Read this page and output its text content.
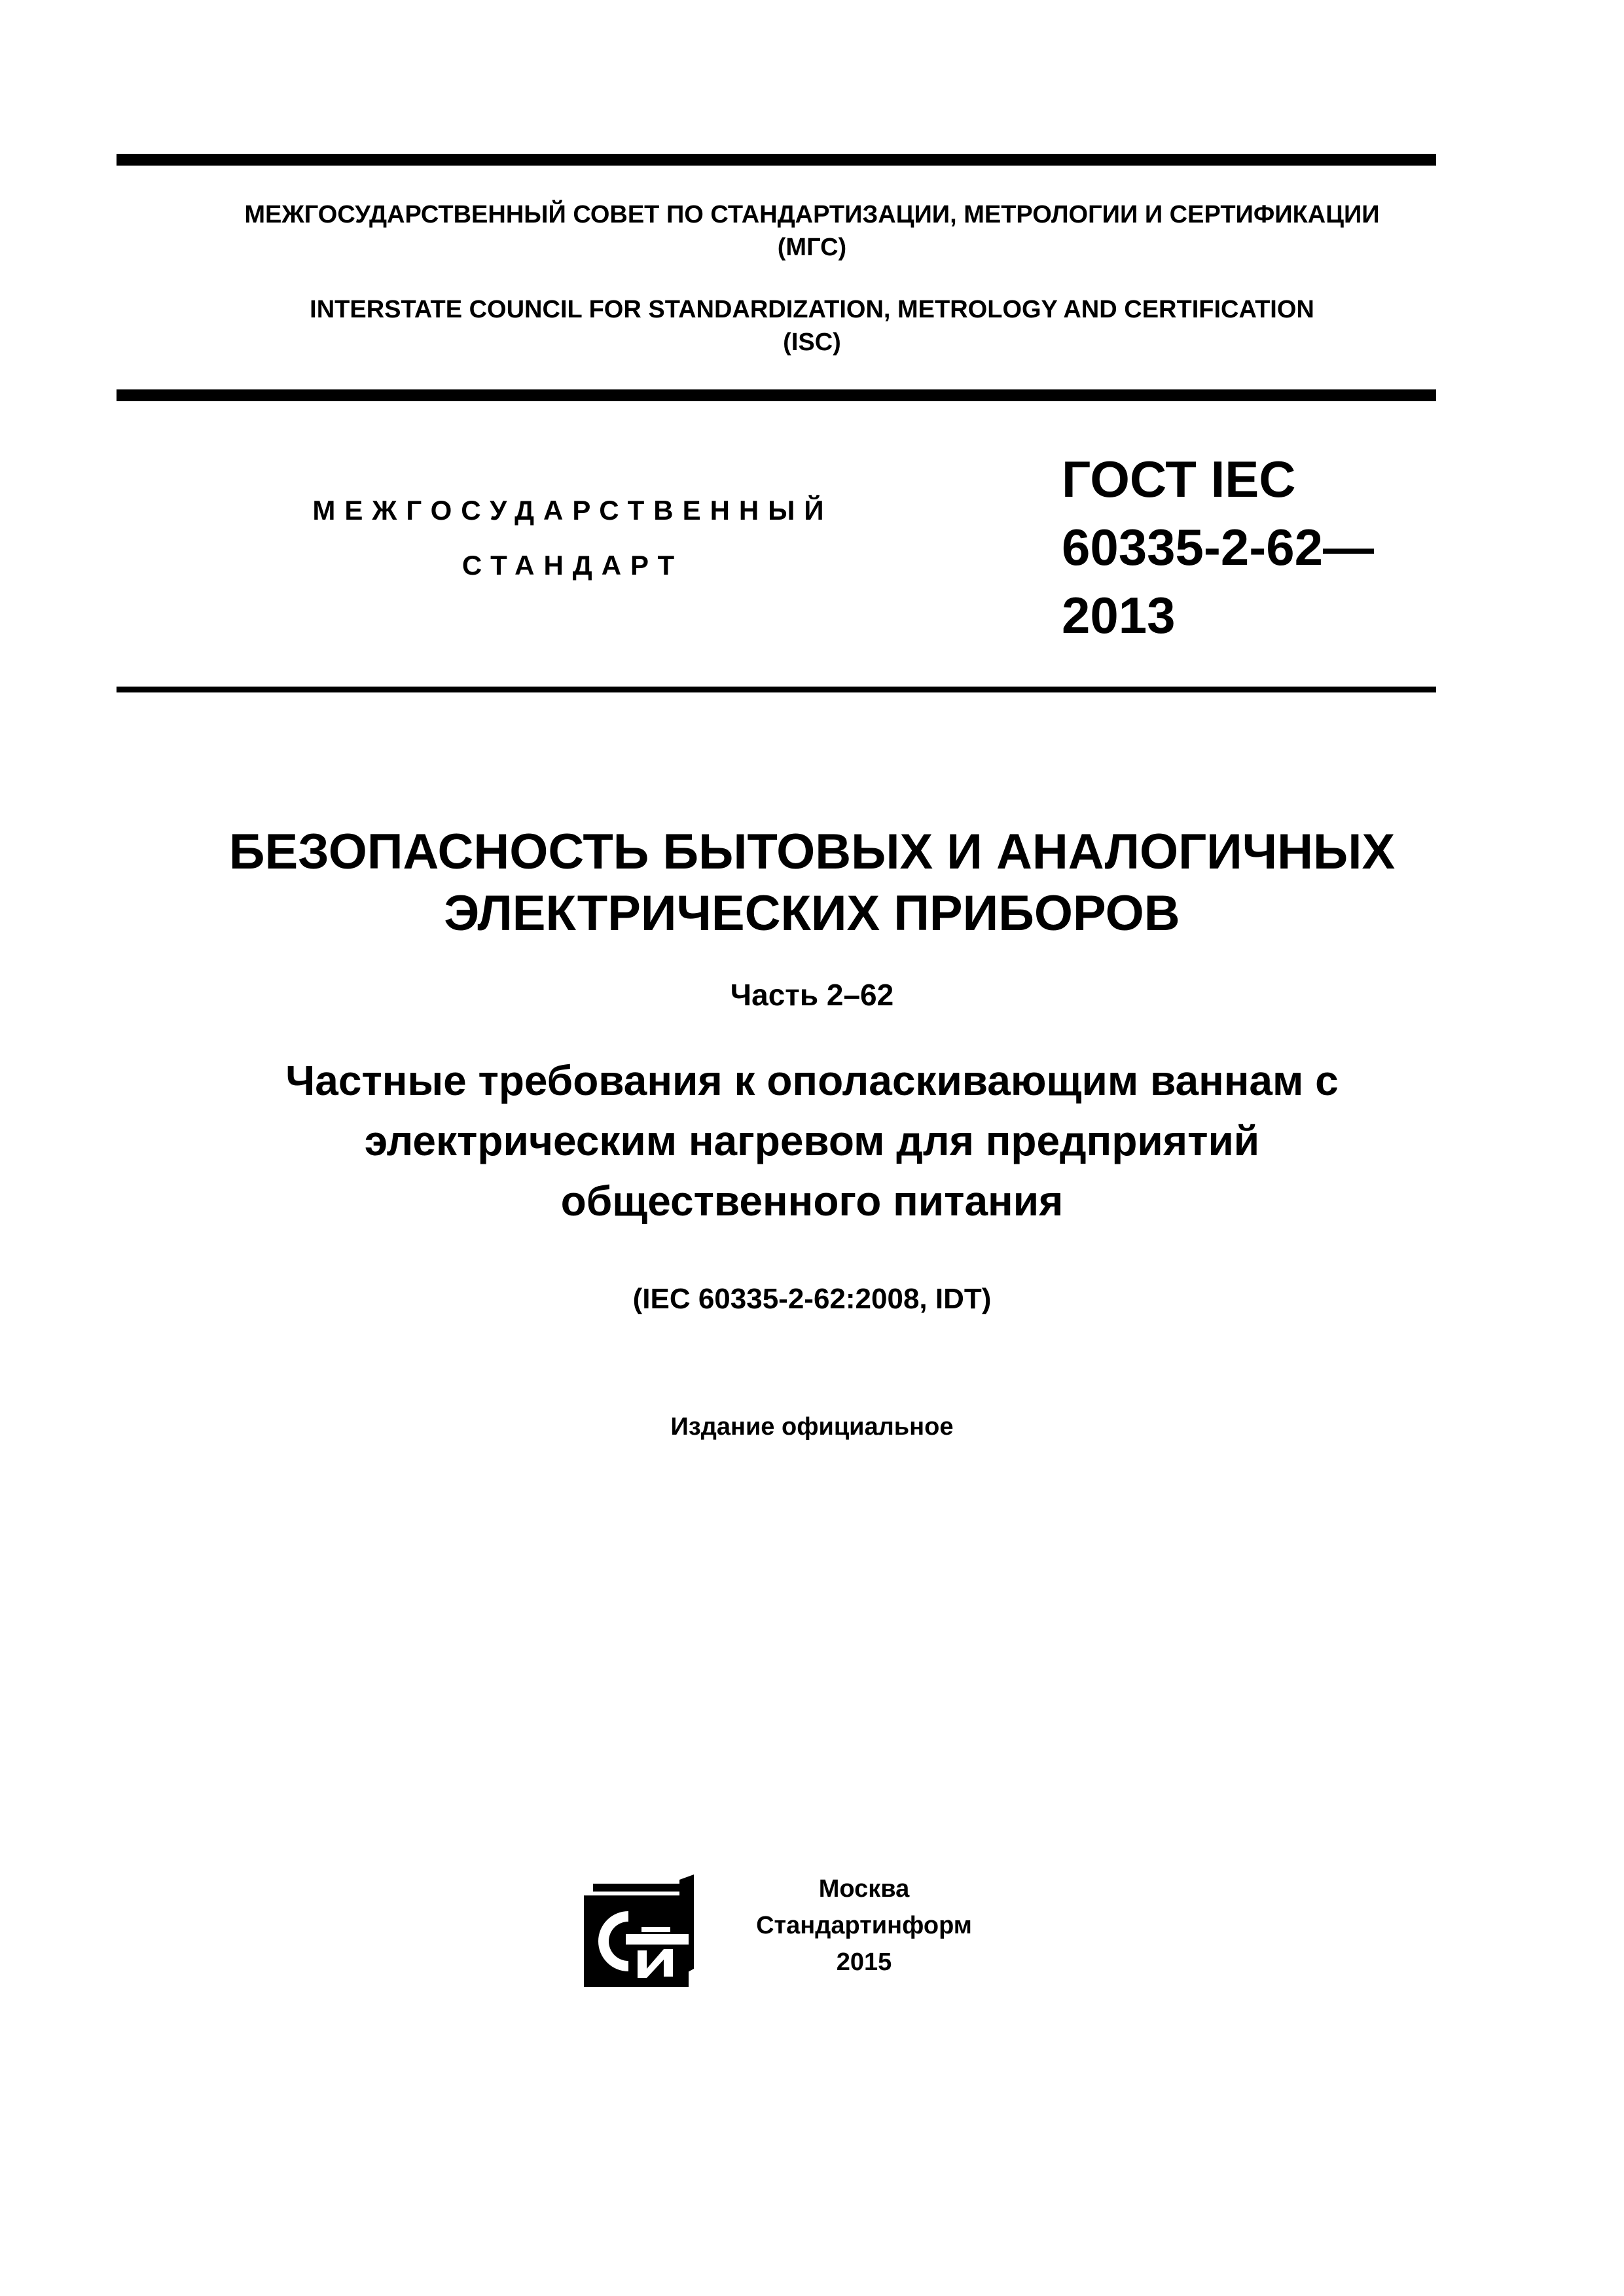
МЕЖГОСУДАРСТВЕННЫЙ СОВЕТ ПО СТАНДАРТИЗАЦИИ, МЕТРОЛОГИИ И СЕРТИФИКАЦИИ
(МГС)
INTERSTATE COUNCIL FOR STANDARDIZATION, METROLOGY AND CERTIFICATION
(ISC)
МЕЖГОСУДАРСТВЕННЫЙ
СТАНДАРТ
ГОСТ IEC
60335-2-62—
2013
БЕЗОПАСНОСТЬ БЫТОВЫХ И АНАЛОГИЧНЫХ
ЭЛЕКТРИЧЕСКИХ ПРИБОРОВ
Часть 2–62
Частные требования к ополаскивающим ваннам с
электрическим нагревом для предприятий
общественного питания
(IEC 60335-2-62:2008, IDT)
Издание официальное
Москва
Стандартинформ
2015
